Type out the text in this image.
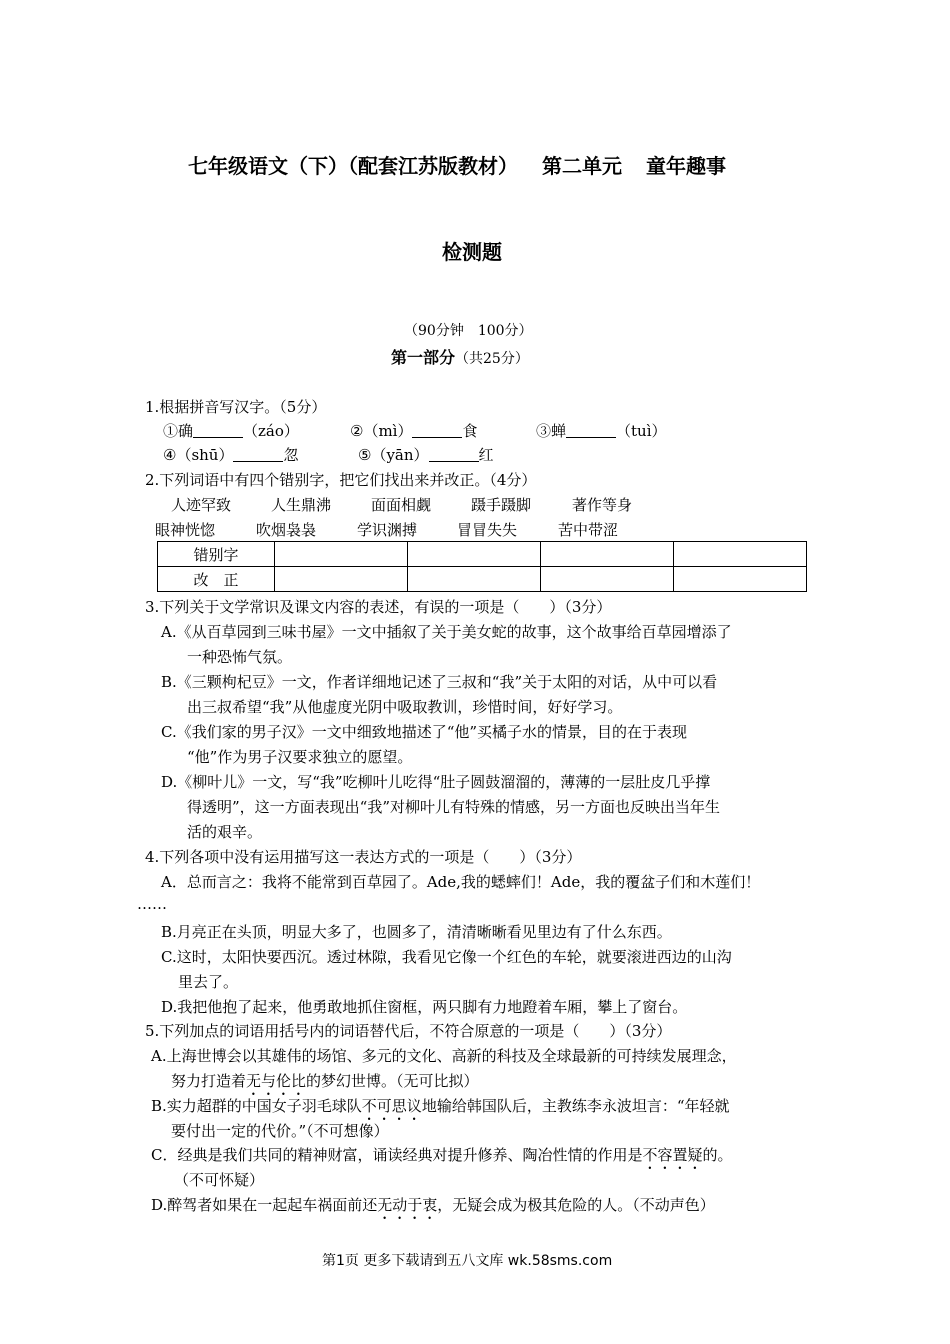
七年级语文（下）（配套江苏版教材） 第二单元 童年趣事
检测题
（90分钟　100分）
第一部分（共25分）
1.根据拼音写汉字。（5分）
①确	（záo）	②（mì）	食	③蝉	（tuì）
④（shū）	忽	⑤（yān）	红
2.下列词语中有四个错别字，把它们找出来并改正。（4分）
人迹罕致	人生鼎沸	面面相觑	蹑手蹑脚	著作等身
眼神恍惚	吹烟袅袅	学识渊搏	冒冒失失	苦中带涩
错别字				
改　正				
3.下列关于文学常识及课文内容的表述，有误的一项是（　　）（3分）
A.《从百草园到三味书屋》一文中插叙了关于美女蛇的故事，这个故事给百草园增添了
一种恐怖气氛。
B.《三颗枸杞豆》一文，作者详细地记述了三叔和“我”关于太阳的对话，从中可以看
出三叔希望“我”从他虚度光阴中吸取教训，珍惜时间，好好学习。
C.《我们家的男子汉》一文中细致地描述了“他”买橘子水的情景，目的在于表现
“他”作为男子汉要求独立的愿望。
D.《柳叶儿》一文，写“我”吃柳叶儿吃得“肚子圆鼓溜溜的，薄薄的一层肚皮几乎撑
得透明”，这一方面表现出“我”对柳叶儿有特殊的情感，另一方面也反映出当年生
活的艰辛。
4.下列各项中没有运用描写这一表达方式的一项是（　　）（3分）
A．总而言之：我将不能常到百草园了。Ade,我的蟋蟀们！Ade，我的覆盆子们和木莲们！
……
B.月亮正在头顶，明显大多了，也圆多了，清清晰晰看见里边有了什么东西。
C.这时，太阳快要西沉。透过林隙，我看见它像一个红色的车轮，就要滚进西边的山沟
里去了。
D.我把他抱了起来，他勇敢地抓住窗框，两只脚有力地蹬着车厢，攀上了窗台。
5.下列加点的词语用括号内的词语替代后，不符合原意的一项是（　　）（3分）
A.上海世博会以其雄伟的场馆、多元的文化、高新的科技及全球最新的可持续发展理念，
努力打造着无与伦比的梦幻世博。（无可比拟）
B.实力超群的中国女子羽毛球队不可思议地输给韩国队后，主教练李永波坦言：“年轻就
要付出一定的代价。”（不可想像）
C．经典是我们共同的精神财富，诵读经典对提升修养、陶冶性情的作用是不容置疑的。
（不可怀疑）
D.醉驾者如果在一起起车祸面前还无动于衷，无疑会成为极其危险的人。（不动声色）
第1页 更多下载请到五八文库 wk.58sms.com
